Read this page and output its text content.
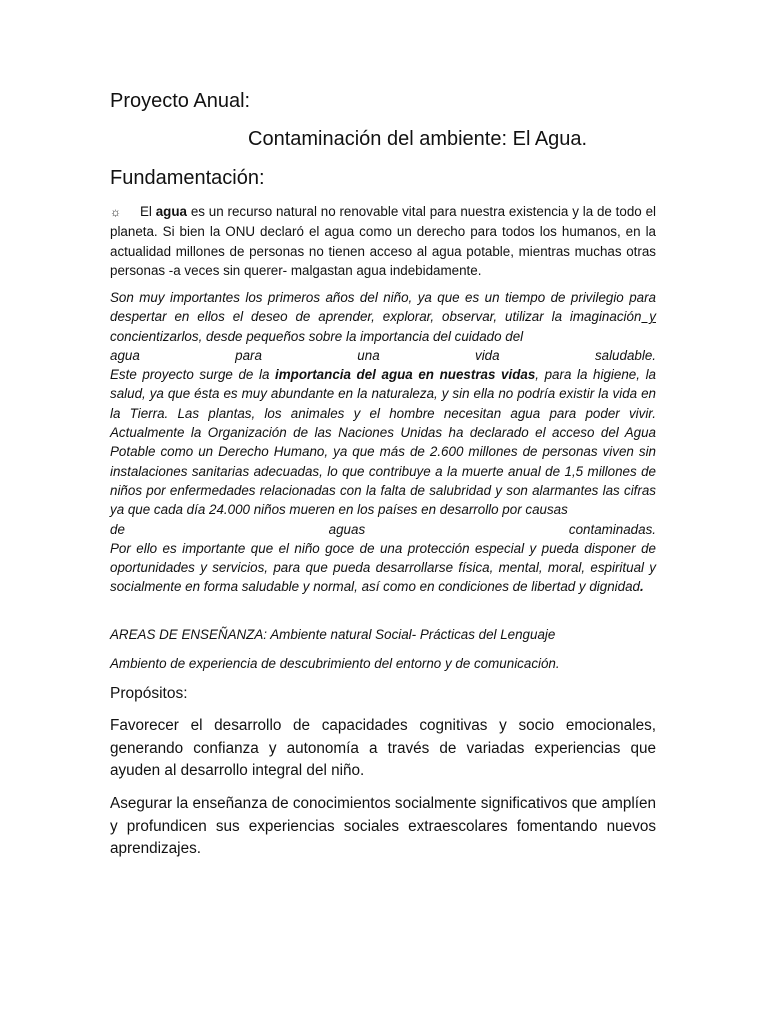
Proyecto Anual:
Contaminación del ambiente: El Agua.
Fundamentación:

☼ El agua es un recurso natural no renovable vital para nuestra existencia y la de todo el planeta. Si bien la ONU declaró el agua como un derecho para todos los humanos, en la actualidad millones de personas no tienen acceso al agua potable, mientras muchas otras personas -a veces sin querer- malgastan agua indebidamente.

Son muy importantes los primeros años del niño, ya que es un tiempo de privilegio para despertar en ellos el deseo de aprender, explorar, observar, utilizar la imaginación y concientizarlos, desde pequeños sobre la importancia del cuidado del
agua para una vida saludable.
Este proyecto surge de la importancia del agua en nuestras vidas, para la higiene, la salud, ya que ésta es muy abundante en la naturaleza, y sin ella no podría existir la vida en la Tierra. Las plantas, los animales y el hombre necesitan agua para poder vivir. Actualmente la Organización de las Naciones Unidas ha declarado el acceso del Agua Potable como un Derecho Humano, ya que más de 2.600 millones de personas viven sin instalaciones sanitarias adecuadas, lo que contribuye a la muerte anual de 1,5 millones de niños por enfermedades relacionadas con la falta de salubridad y son alarmantes las cifras ya que cada día 24.000 niños mueren en los países en desarrollo por causas
de aguas contaminadas.
Por ello es importante que el niño goce de una protección especial y pueda disponer de oportunidades y servicios, para que pueda desarrollarse física, mental, moral, espiritual y socialmente en forma saludable y normal, así como en condiciones de libertad y dignidad.

AREAS DE ENSEÑANZA: Ambiente natural Social- Prácticas del Lenguaje

Ambiento de experiencia de descubrimiento del entorno y de comunicación.

Propósitos:

Favorecer el desarrollo de capacidades cognitivas y socio emocionales, generando confianza y autonomía a través de variadas experiencias que ayuden al desarrollo integral del niño.

Asegurar la enseñanza de conocimientos socialmente significativos que amplíen y profundicen sus experiencias sociales extraescolares fomentando nuevos aprendizajes.
